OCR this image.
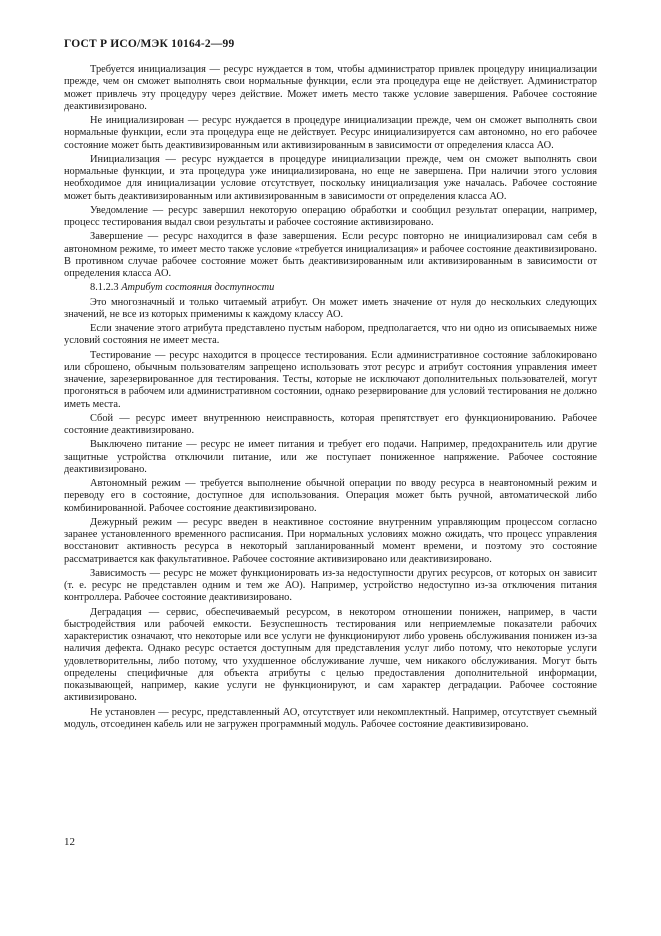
ГОСТ Р ИСО/МЭК 10164-2—99

Требуется инициализация — ресурс нуждается в том, чтобы администратор привлек процедуру инициализации прежде, чем он сможет выполнять свои нормальные функции, если эта процедура еще не действует. Администратор может привлечь эту процедуру через действие. Может иметь место также условие завершения. Рабочее состояние деактивизировано.

Не инициализирован — ресурс нуждается в процедуре инициализации прежде, чем он сможет выполнять свои нормальные функции, если эта процедура еще не действует. Ресурс инициализируется сам автономно, но его рабочее состояние может быть деактивизированным или активизированным в зависимости от определения класса АО.

Инициализация — ресурс нуждается в процедуре инициализации прежде, чем он сможет выполнять свои нормальные функции, и эта процедура уже инициализирована, но еще не завершена. При наличии этого условия необходимое для инициализации условие отсутствует, поскольку инициализация уже началась. Рабочее состояние может быть деактивизированным или активизированным в зависимости от определения класса АО.

Уведомление — ресурс завершил некоторую операцию обработки и сообщил результат операции, например, процесс тестирования выдал свои результаты и рабочее состояние активизировано.

Завершение — ресурс находится в фазе завершения. Если ресурс повторно не инициализировал сам себя в автономном режиме, то имеет место также условие «требуется инициализация» и рабочее состояние деактивизировано. В противном случае рабочее состояние может быть деактивизированным или активизированным в зависимости от определения класса АО.

8.1.2.3 Атрибут состояния доступности

Это многозначный и только читаемый атрибут. Он может иметь значение от нуля до нескольких следующих значений, не все из которых применимы к каждому классу АО.

Если значение этого атрибута представлено пустым набором, предполагается, что ни одно из описываемых ниже условий состояния не имеет места.

Тестирование — ресурс находится в процессе тестирования. Если административное состояние заблокировано или сброшено, обычным пользователям запрещено использовать этот ресурс и атрибут состояния управления имеет значение, зарезервированное для тестирования. Тесты, которые не исключают дополнительных пользователей, могут прогоняться в рабочем или административном состоянии, однако резервирование для условий тестирования не должно иметь места.

Сбой — ресурс имеет внутреннюю неисправность, которая препятствует его функционированию. Рабочее состояние деактивизировано.

Выключено питание — ресурс не имеет питания и требует его подачи. Например, предохранитель или другие защитные устройства отключили питание, или же поступает пониженное напряжение. Рабочее состояние деактивизировано.

Автономный режим — требуется выполнение обычной операции по вводу ресурса в неавтономный режим и переводу его в состояние, доступное для использования. Операция может быть ручной, автоматической либо комбинированной. Рабочее состояние деактивизировано.

Дежурный режим — ресурс введен в неактивное состояние внутренним управляющим процессом согласно заранее установленного временного расписания. При нормальных условиях можно ожидать, что процесс управления восстановит активность ресурса в некоторый запланированный момент времени, и поэтому это состояние рассматривается как факультативное. Рабочее состояние активизировано или деактивизировано.

Зависимость — ресурс не может функционировать из-за недоступности других ресурсов, от которых он зависит (т. е. ресурс не представлен одним и тем же АО). Например, устройство недоступно из-за отключения питания контроллера. Рабочее состояние деактивизировано.

Деградация — сервис, обеспечиваемый ресурсом, в некотором отношении понижен, например, в части быстродействия или рабочей емкости. Безуспешность тестирования или неприемлемые показатели рабочих характеристик означают, что некоторые или все услуги не функционируют либо уровень обслуживания понижен из-за наличия дефекта. Однако ресурс остается доступным для представления услуг либо потому, что некоторые услуги удовлетворительны, либо потому, что ухудшенное обслуживание лучше, чем никакого обслуживания. Могут быть определены специфичные для объекта атрибуты с целью предоставления дополнительной информации, показывающей, например, какие услуги не функционируют, и сам характер деградации. Рабочее состояние активизировано.

Не установлен — ресурс, представленный АО, отсутствует или некомплектный. Например, отсутствует съемный модуль, отсоединен кабель или не загружен программный модуль. Рабочее состояние деактивизировано.

12
